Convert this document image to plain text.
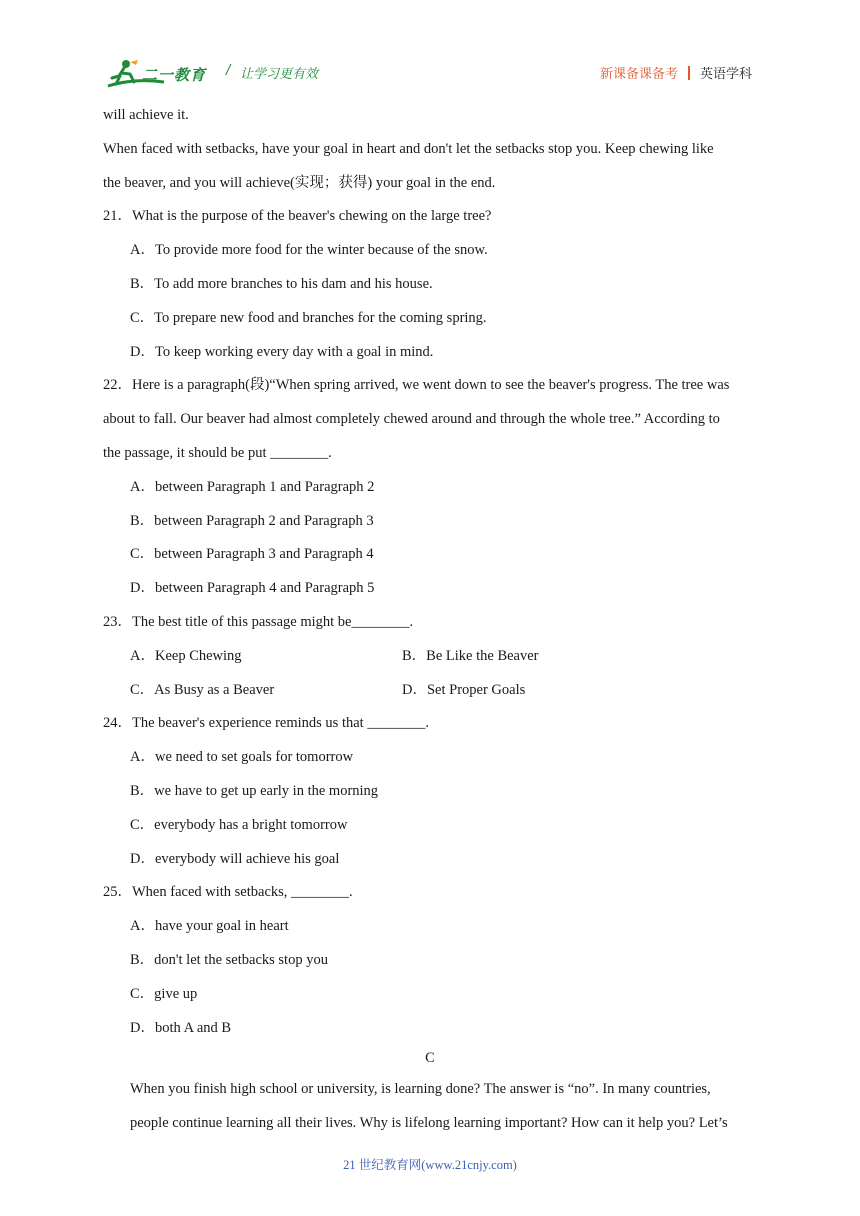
二一教育 / 让学习更有效	新课备课备考 英语学科
will achieve it.
When faced with setbacks, have your goal in heart and don't let the setbacks stop you. Keep chewing like
the beaver, and you will achieve(实现；获得) your goal in the end.
21．What is the purpose of the beaver's chewing on the large tree?
A．To provide more food for the winter because of the snow.
B．To add more branches to his dam and his house.
C．To prepare new food and branches for the coming spring.
D．To keep working every day with a goal in mind.
22．Here is a paragraph(段)“When spring arrived, we went down to see the beaver's progress. The tree was
about to fall. Our beaver had almost completely chewed around and through the whole tree.” According to
the passage, it should be put ________.
A．between Paragraph 1 and Paragraph 2
B．between Paragraph 2 and Paragraph 3
C．between Paragraph 3 and Paragraph 4
D．between Paragraph 4 and Paragraph 5
23．The best title of this passage might be________.
A．Keep Chewing	B．Be Like the Beaver
C．As Busy as a Beaver	D．Set Proper Goals
24．The beaver's experience reminds us that ________.
A．we need to set goals for tomorrow
B．we have to get up early in the morning
C．everybody has a bright tomorrow
D．everybody will achieve his goal
25．When faced with setbacks, ________.
A．have your goal in heart
B．don't let the setbacks stop you
C．give up
D．both A and B
C
When you finish high school or university, is learning done? The answer is “no”. In many countries,
people continue learning all their lives. Why is lifelong learning important? How can it help you? Let’s
21 世纪教育网(www.21cnjy.com)
